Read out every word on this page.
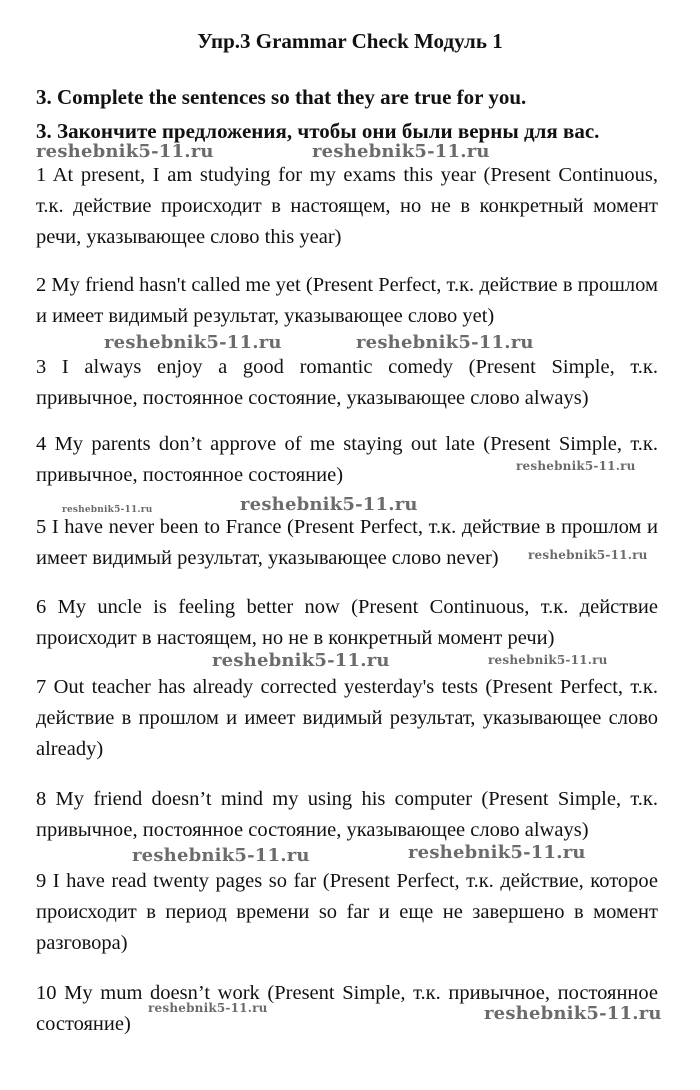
Упр.3 Grammar Check Модуль 1
3. Complete the sentences so that they are true for you.
3. Закончите предложения, чтобы они были верны для вас.
1 At present, I am studying for my exams this year (Present Continuous, т.к. действие происходит в настоящем, но не в конкретный момент речи, указывающее слово this year)
2 My friend hasn't called me yet (Present Perfect, т.к. действие в прошлом и имеет видимый результат, указывающее слово yet)
3 I always enjoy a good romantic comedy (Present Simple, т.к. привычное, постоянное состояние, указывающее слово always)
4 My parents don’t approve of me staying out late (Present Simple, т.к. привычное, постоянное состояние)
5 I have never been to France (Present Perfect, т.к. действие в прошлом и имеет видимый результат, указывающее слово never)
6 My uncle is feeling better now (Present Continuous, т.к. действие происходит в настоящем, но не в конкретный момент речи)
7 Out teacher has already corrected yesterday's tests (Present Perfect, т.к. действие в прошлом и имеет видимый результат, указывающее слово already)
8 My friend doesn’t mind my using his computer (Present Simple, т.к. привычное, постоянное состояние, указывающее слово always)
9 I have read twenty pages so far (Present Perfect, т.к. действие, которое происходит в период времени so far и еще не завершено в момент разговора)
10 My mum doesn’t work (Present Simple, т.к. привычное, постоянное состояние)
reshebnik5-11.ru	reshebnik5-11.ru
reshebnik5-11.ru	reshebnik5-11.ru
reshebnik5-11.ru
reshebnik5-11.ru	reshebnik5-11.ru
reshebnik5-11.ru
reshebnik5-11.ru	reshebnik5-11.ru
reshebnik5-11.ru	reshebnik5-11.ru
reshebnik5-11.ru	reshebnik5-11.ru
